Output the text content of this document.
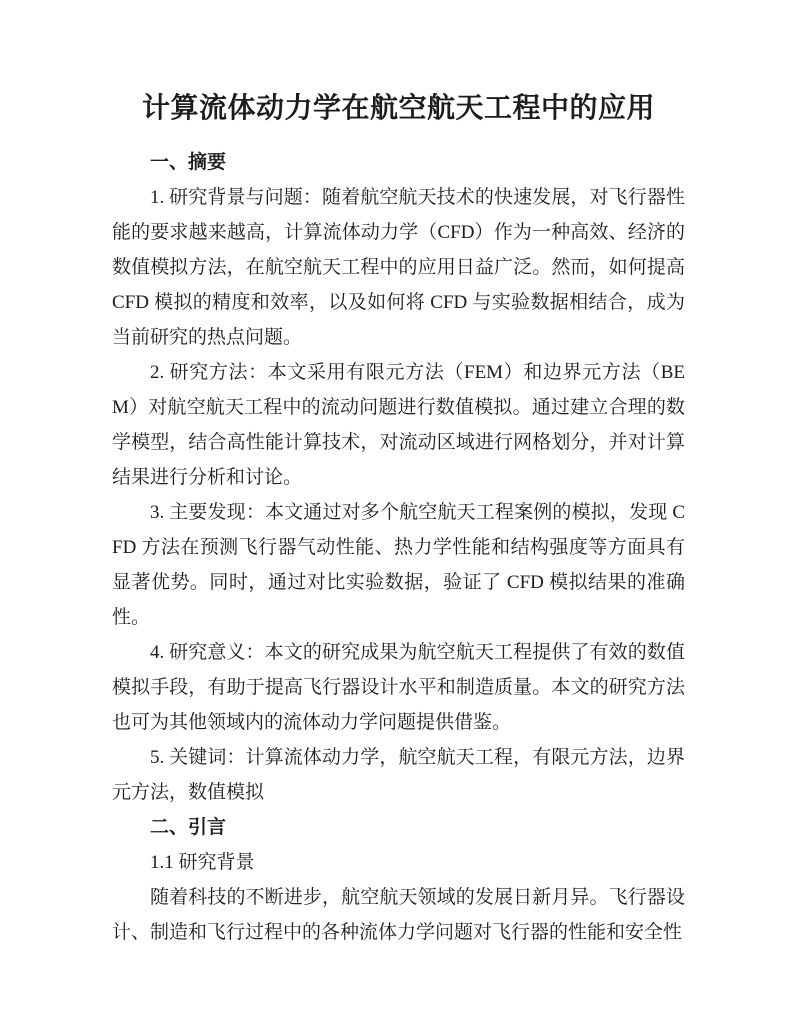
计算流体动力学在航空航天工程中的应用

一、摘要

1. 研究背景与问题：随着航空航天技术的快速发展，对飞行器性能的要求越来越高，计算流体动力学（CFD）作为一种高效、经济的数值模拟方法，在航空航天工程中的应用日益广泛。然而，如何提高 CFD 模拟的精度和效率，以及如何将 CFD 与实验数据相结合，成为当前研究的热点问题。

2. 研究方法：本文采用有限元方法（FEM）和边界元方法（BEM）对航空航天工程中的流动问题进行数值模拟。通过建立合理的数学模型，结合高性能计算技术，对流动区域进行网格划分，并对计算结果进行分析和讨论。

3. 主要发现：本文通过对多个航空航天工程案例的模拟，发现 CFD 方法在预测飞行器气动性能、热力学性能和结构强度等方面具有显著优势。同时，通过对比实验数据，验证了 CFD 模拟结果的准确性。

4. 研究意义：本文的研究成果为航空航天工程提供了有效的数值模拟手段，有助于提高飞行器设计水平和制造质量。本文的研究方法也可为其他领域内的流体动力学问题提供借鉴。

5. 关键词：计算流体动力学，航空航天工程，有限元方法，边界元方法，数值模拟

二、引言

1.1 研究背景

随着科技的不断进步，航空航天领域的发展日新月异。飞行器设计、制造和飞行过程中的各种流体力学问题对飞行器的性能和安全性
